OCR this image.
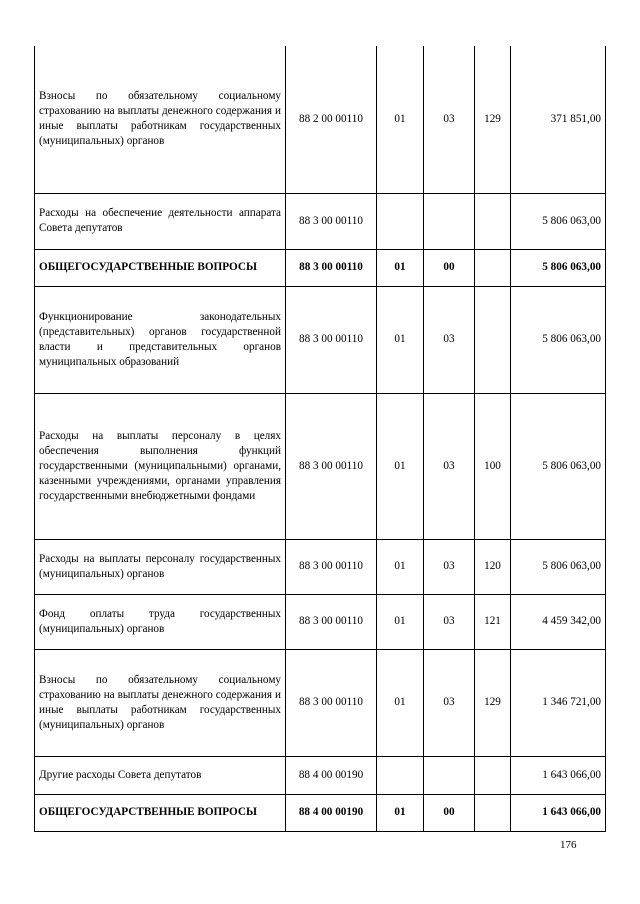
Взносы по обязательному социальному страхованию на выплаты денежного содержания и иные выплаты работникам государственных (муниципальных) органов	88 2 00 00110	01	03	129	371 851,00
Расходы на обеспечение деятельности аппарата Совета депутатов	88 3 00 00110				5 806 063,00
ОБЩЕГОСУДАРСТВЕННЫЕ ВОПРОСЫ	88 3 00 00110	01	00		5 806 063,00
Функционирование законодательных (представительных) органов государственной власти и представительных органов муниципальных образований	88 3 00 00110	01	03		5 806 063,00
Расходы на выплаты персоналу в целях обеспечения выполнения функций государственными (муниципальными) органами, казенными учреждениями, органами управления государственными внебюджетными фондами	88 3 00 00110	01	03	100	5 806 063,00
Расходы на выплаты персоналу государственных (муниципальных) органов	88 3 00 00110	01	03	120	5 806 063,00
Фонд оплаты труда государственных (муниципальных) органов	88 3 00 00110	01	03	121	4 459 342,00
Взносы по обязательному социальному страхованию на выплаты денежного содержания и иные выплаты работникам государственных (муниципальных) органов	88 3 00 00110	01	03	129	1 346 721,00
Другие расходы Совета депутатов	88 4 00 00190				1 643 066,00
ОБЩЕГОСУДАРСТВЕННЫЕ ВОПРОСЫ	88 4 00 00190	01	00		1 643 066,00
176
